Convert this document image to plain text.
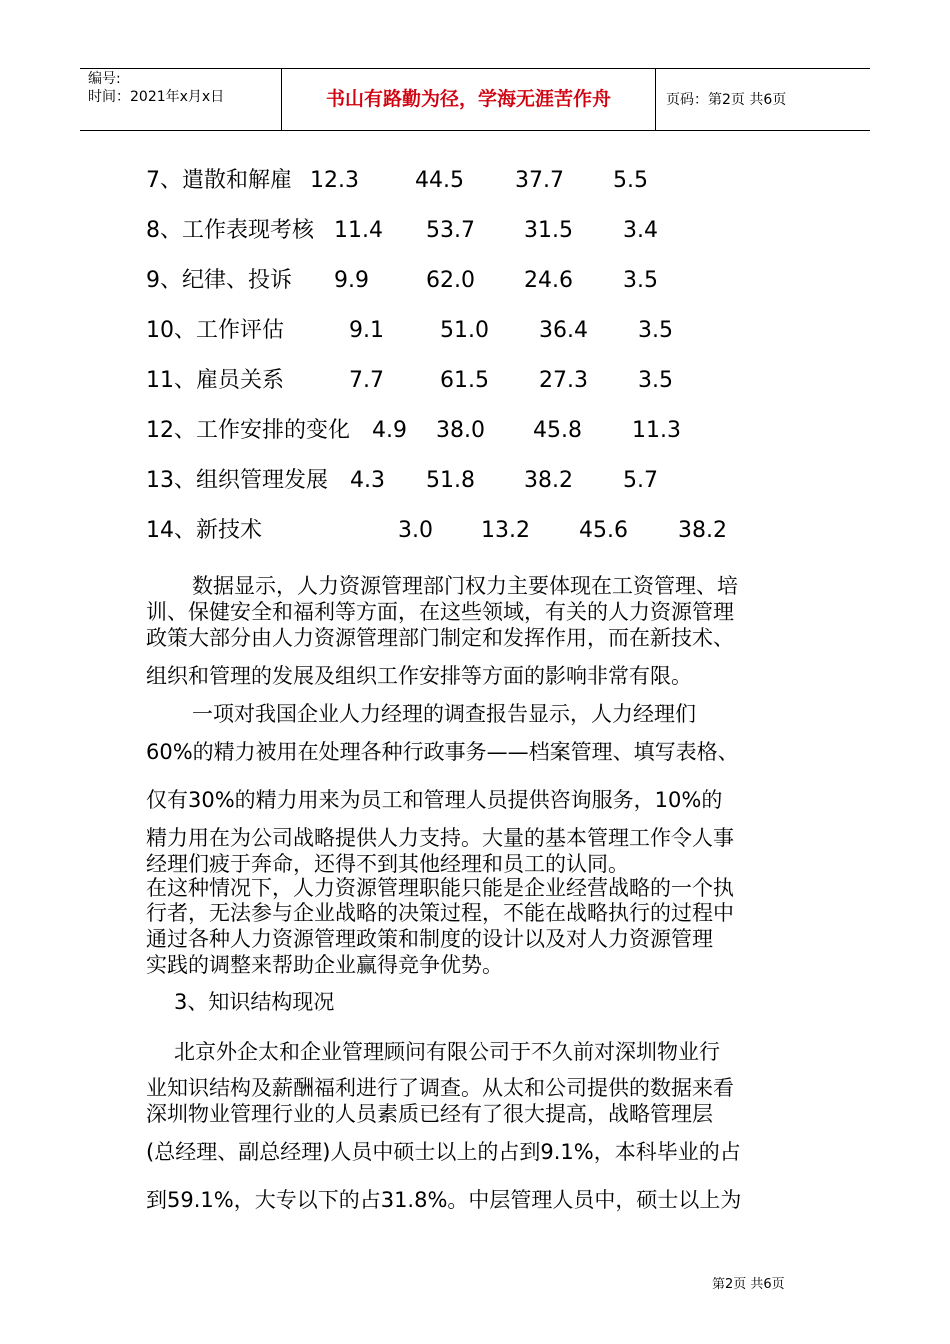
编号:
时间：2021年x月x日	书山有路勤为径，学海无涯苦作舟	页码：第2页 共6页
7、遣散和解雇 12.3	44.5 37.7 5.5
8、工作表现考核 11.4 53.7 31.5 3.4
9、纪律、投诉 9.9	62.0 24.6 3.5
10、工作评估	9.1	51.0 36.4 3.5
11、雇员关系	7.7	61.5 27.3 3.5
12、工作安排的变化 4.9 38.0 45.8 11.3
13、组织管理发展 4.3 51.8 38.2 5.7
14、新技术	3.0 13.2 45.6 38.2
数据显示，人力资源管理部门权力主要体现在工资管理、培
训、保健安全和福利等方面，在这些领域，有关的人力资源管理
政策大部分由人力资源管理部门制定和发挥作用，而在新技术、
组织和管理的发展及组织工作安排等方面的影响非常有限。
一项对我国企业人力经理的调查报告显示，人力经理们
60%的精力被用在处理各种行政事务——档案管理、填写表格、
仅有30%的精力用来为员工和管理人员提供咨询服务，10%的
精力用在为公司战略提供人力支持。大量的基本管理工作令人事
经理们疲于奔命，还得不到其他经理和员工的认同。
在这种情况下，人力资源管理职能只能是企业经营战略的一个执
行者，无法参与企业战略的决策过程，不能在战略执行的过程中
通过各种人力资源管理政策和制度的设计以及对人力资源管理
实践的调整来帮助企业赢得竞争优势。
3、知识结构现况
北京外企太和企业管理顾问有限公司于不久前对深圳物业行
业知识结构及薪酬福利进行了调查。从太和公司提供的数据来看
深圳物业管理行业的人员素质已经有了很大提高，战略管理层
(总经理、副总经理)人员中硕士以上的占到9.1%，本科毕业的占
到59.1%，大专以下的占31.8%。中层管理人员中，硕士以上为
第2页 共6页
